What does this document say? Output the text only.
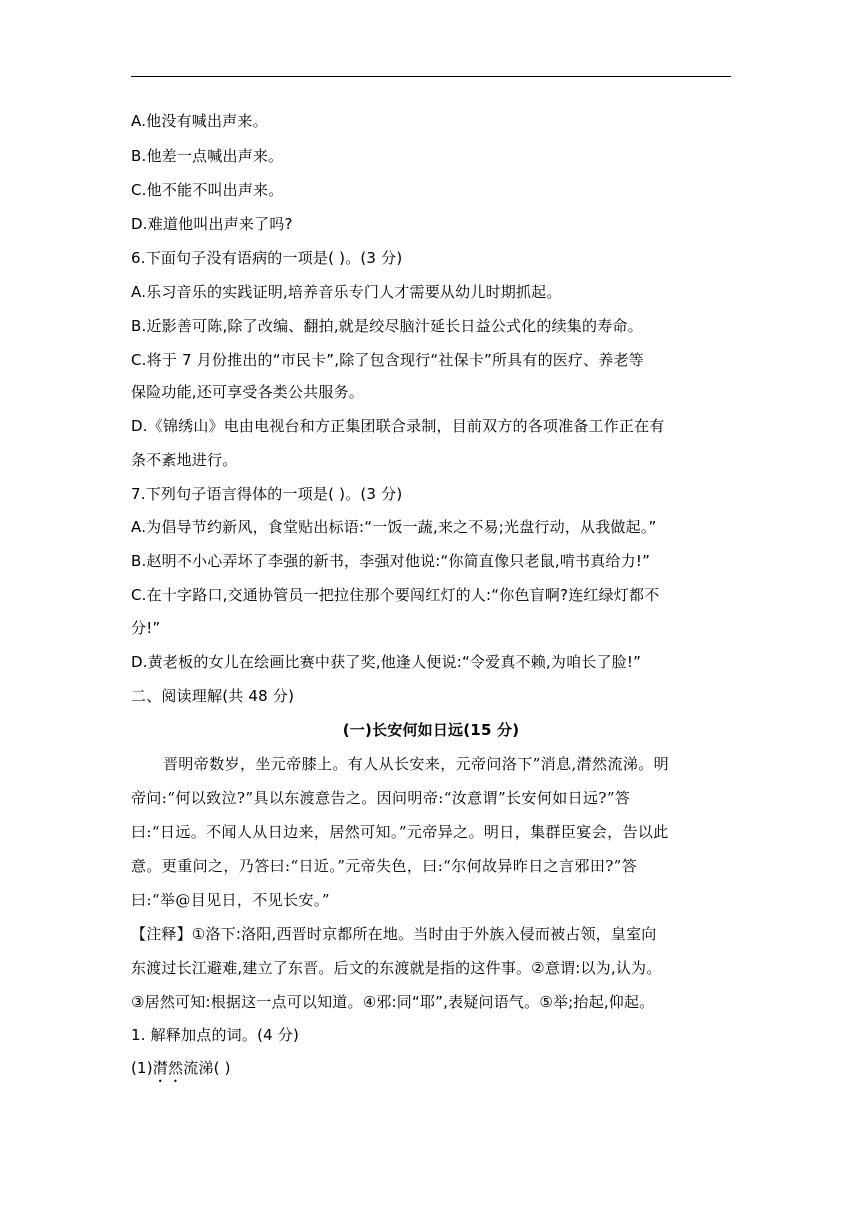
A.他没有喊出声来。
B.他差一点喊出声来。
C.他不能不叫出声来。
D.难道他叫出声来了吗?
6.下面句子没有语病的一项是( )。(3 分)
A.乐习音乐的实践证明,培养音乐专门人才需要从幼儿时期抓起。
B.近影善可陈,除了改编、翻拍,就是绞尽脑汁延长日益公式化的续集的寿命。
C.将于 7 月份推出的“市民卡”,除了包含现行“社保卡”所具有的医疗、养老等
保险功能,还可享受各类公共服务。
D.《锦绣山》电由电视台和方正集团联合录制，目前双方的各项准备工作正在有
条不紊地进行。
7.下列句子语言得体的一项是( )。(3 分)
A.为倡导节约新风，食堂贴出标语:“一饭一蔬,来之不易;光盘行动，从我做起。”
B.赵明不小心弄坏了李强的新书，李强对他说:“你简直像只老鼠,啃书真给力!”
C.在十字路口,交通协管员一把拉住那个要闯红灯的人:“你色盲啊?连红绿灯都不
分!”
D.黄老板的女儿在绘画比赛中获了奖,他逢人便说:“令爱真不赖,为咱长了脸!”
二、阅读理解(共 48 分)
(一)长安何如日远(15 分)
晋明帝数岁，坐元帝膝上。有人从长安来，元帝问洛下”消息,潸然流涕。明
帝问:“何以致泣?”具以东渡意告之。因问明帝:“汝意谓”长安何如日远?”答
曰:“日远。不闻人从日边来，居然可知。”元帝异之。明日，集群臣宴会，告以此
意。更重问之，乃答曰:“日近。”元帝失色，曰:“尔何故异昨日之言邪田?”答
曰:“举@目见日，不见长安。”
【注释】①洛下:洛阳,西晋时京都所在地。当时由于外族入侵而被占领，皇室向
东渡过长江避难,建立了东晋。后文的东渡就是指的这件事。②意谓:以为,认为。
③居然可知:根据这一点可以知道。④邪:同“耶”,表疑问语气。⑤举;抬起,仰起。
1. 解释加点的词。(4 分)
(1)潸然流涕( )
